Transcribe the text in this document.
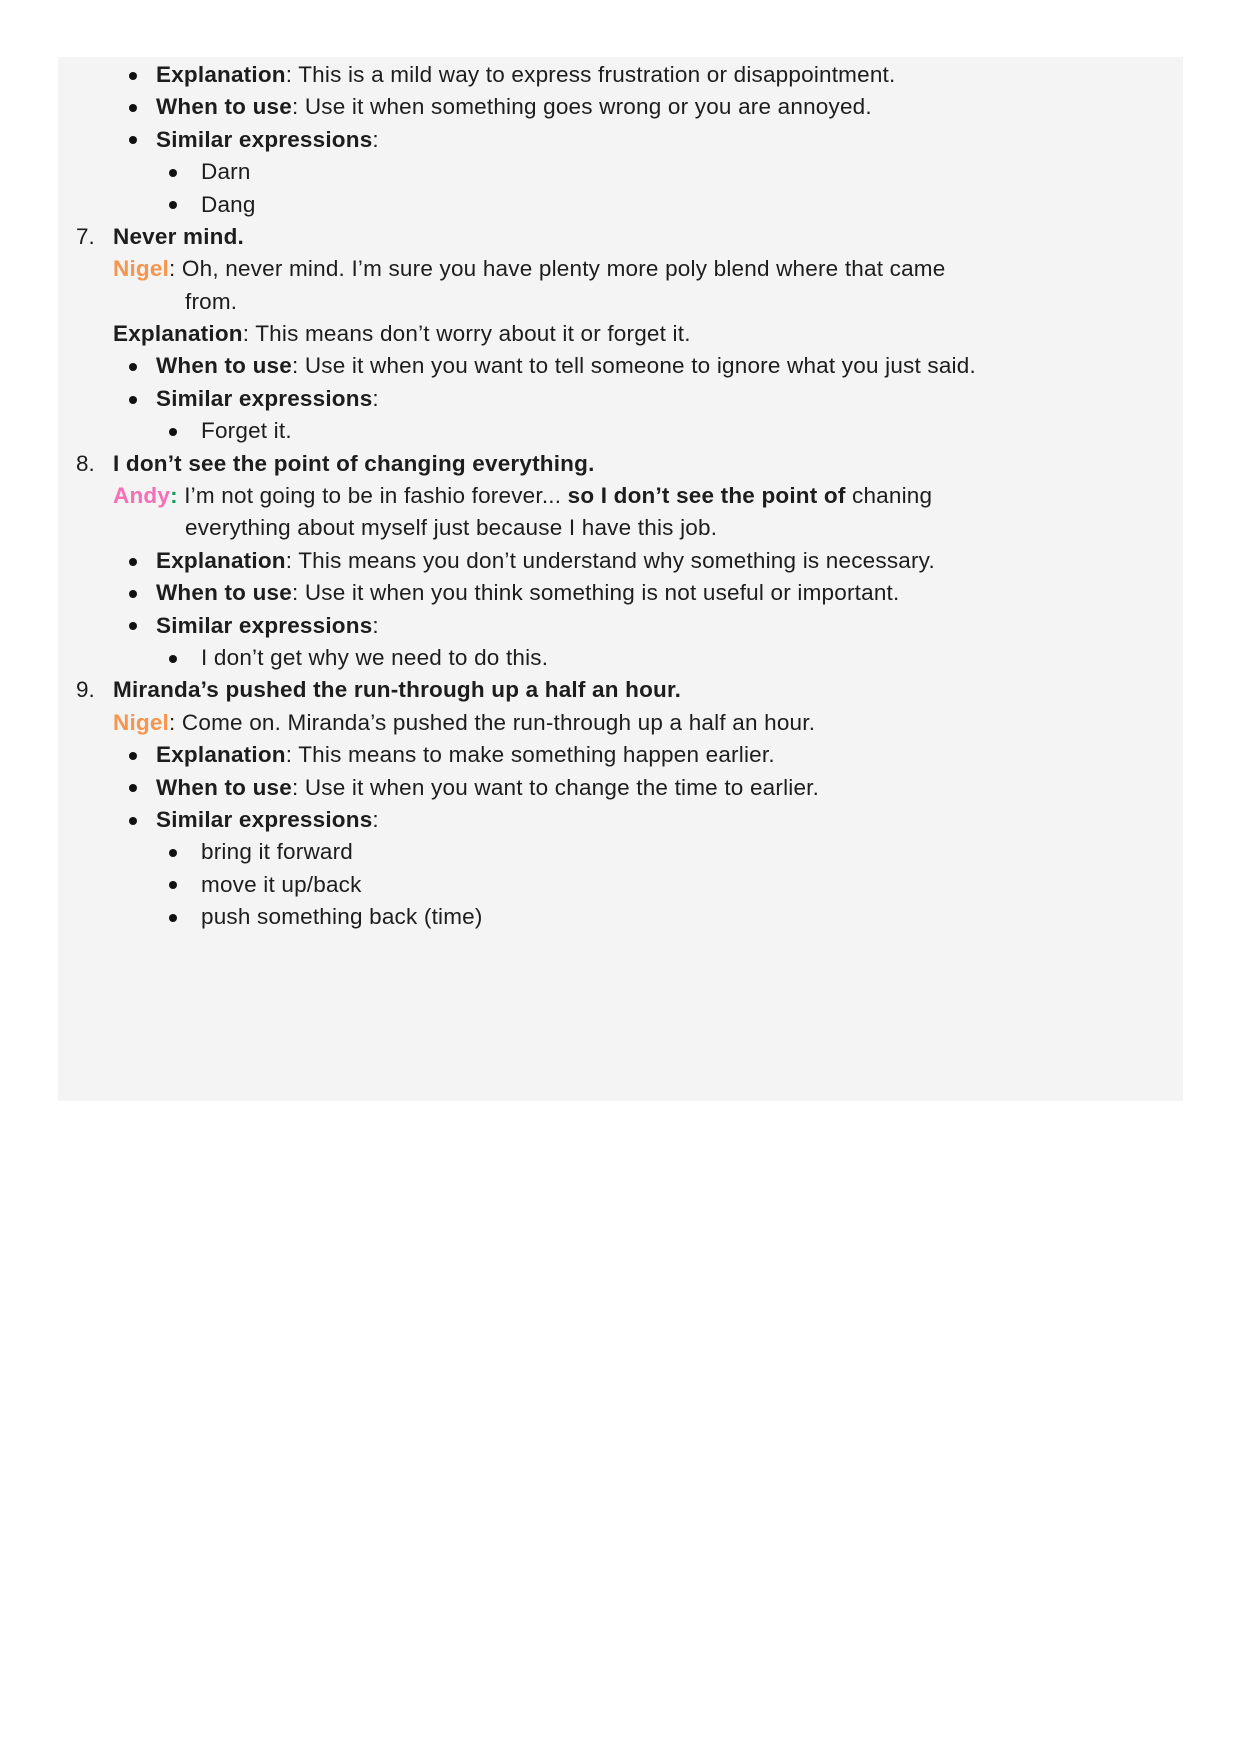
Explanation: This is a mild way to express frustration or disappointment.
When to use: Use it when something goes wrong or you are annoyed.
Similar expressions:
Darn
Dang
7. Never mind.
Nigel: Oh, never mind. I’m sure you have plenty more poly blend where that came
from.
Explanation: This means don’t worry about it or forget it.
When to use: Use it when you want to tell someone to ignore what you just said.
Similar expressions:
Forget it.
8. I don’t see the point of changing everything.
Andy: I’m not going to be in fashio forever... so I don’t see the point of chaning
everything about myself just because I have this job.
Explanation: This means you don’t understand why something is necessary.
When to use: Use it when you think something is not useful or important.
Similar expressions:
I don’t get why we need to do this.
9. Miranda’s pushed the run-through up a half an hour.
Nigel: Come on. Miranda’s pushed the run-through up a half an hour.
Explanation: This means to make something happen earlier.
When to use: Use it when you want to change the time to earlier.
Similar expressions:
bring it forward
move it up/back
push something back (time)
